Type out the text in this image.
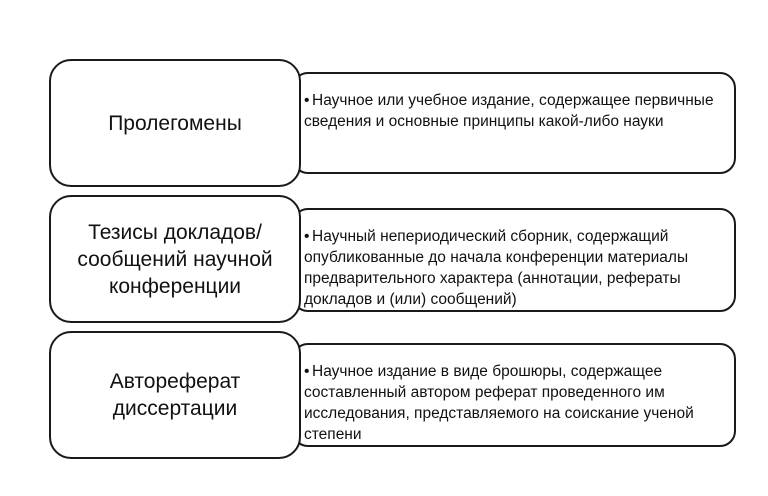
• Научное или учебное издание, содержащее первичные сведения и основные принципы какой-либо науки
Пролегомены
• Научный непериодический сборник, содержащий опубликованные до начала конференции материалы предварительного характера (аннотации, рефераты докладов и (или) сообщений)
Тезисы докладов/сообщений научной конференции
• Научное издание в виде брошюры, содержащее составленный автором реферат проведенного им исследования, представляемого на соискание ученой степени
Автореферат диссертации
